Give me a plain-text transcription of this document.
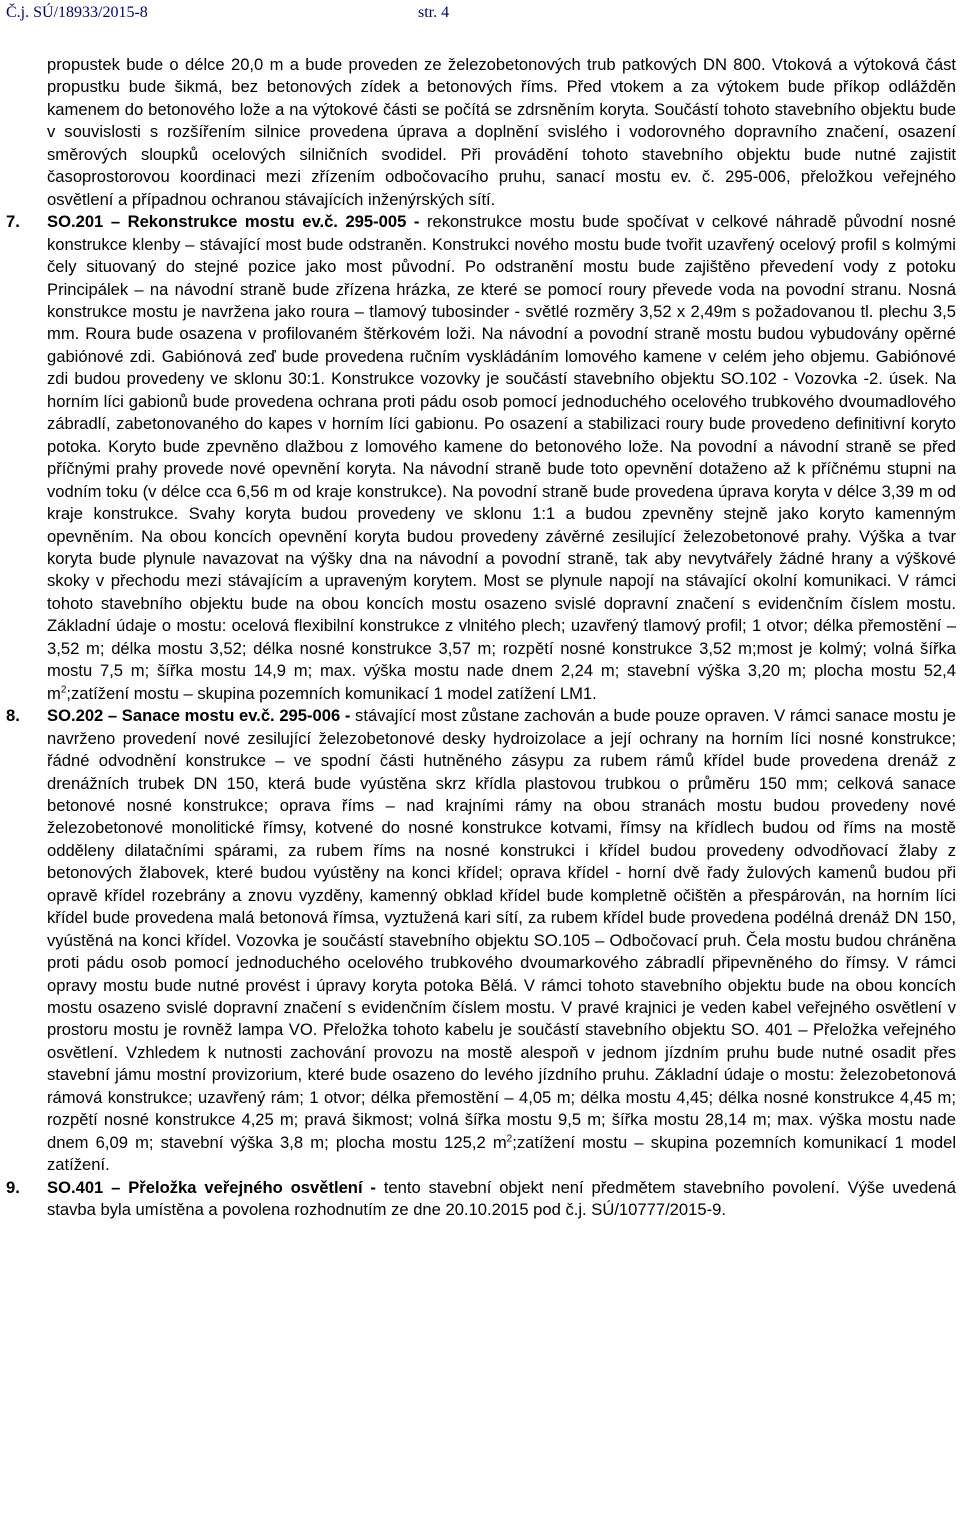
Č.j. SÚ/18933/2015-8	str. 4

propustek bude o délce 20,0 m a bude proveden ze železobetonových trub patkových DN 800. Vtoková a výtoková část propustku bude šikmá, bez betonových zídek a betonových říms. Před vtokem a za výtokem bude příkop odlážděn kamenem do betonového lože a na výtokové části se počítá se zdrsněním koryta. Součástí tohoto stavebního objektu bude v souvislosti s rozšířením silnice provedena úprava a doplnění svislého i vodorovného dopravního značení, osazení směrových sloupků ocelových silničních svodidel. Při provádění tohoto stavebního objektu bude nutné zajistit časoprostorovou koordinaci mezi zřízením odbočovacího pruhu, sanací mostu ev. č. 295-006, přeložkou veřejného osvětlení a případnou ochranou stávajících inženýrských sítí.

7. SO.201 – Rekonstrukce mostu ev.č. 295-005 - rekonstrukce mostu bude spočívat v celkové náhradě původní nosné konstrukce klenby – stávající most bude odstraněn. Konstrukci nového mostu bude tvořit uzavřený ocelový profil s kolmými čely situovaný do stejné pozice jako most původní. Po odstranění mostu bude zajištěno převedení vody z potoku Principálek – na návodní straně bude zřízena hrázka, ze které se pomocí roury převede voda na povodní stranu. Nosná konstrukce mostu je navržena jako roura – tlamový tubosinder - světlé rozměry 3,52 x 2,49m s požadovanou tl. plechu 3,5 mm. Roura bude osazena v profilovaném štěrkovém loži. Na návodní a povodní straně mostu budou vybudovány opěrné gabiónové zdi. Gabiónová zeď bude provedena ručním vyskládáním lomového kamene v celém jeho objemu. Gabiónové zdi budou provedeny ve sklonu 30:1. Konstrukce vozovky je součástí stavebního objektu SO.102 - Vozovka -2. úsek. Na horním líci gabionů bude provedena ochrana proti pádu osob pomocí jednoduchého ocelového trubkového dvoumadlového zábradlí, zabetonovaného do kapes v horním líci gabionu. Po osazení a stabilizaci roury bude provedeno definitivní koryto potoka. Koryto bude zpevněno dlažbou z lomového kamene do betonového lože. Na povodní a návodní straně se před příčnými prahy provede nové opevnění koryta. Na návodní straně bude toto opevnění dotaženo až k příčnému stupni na vodním toku (v délce cca 6,56 m od kraje konstrukce). Na povodní straně bude provedena úprava koryta v délce 3,39 m od kraje konstrukce. Svahy koryta budou provedeny ve sklonu 1:1 a budou zpevněny stejně jako koryto kamenným opevněním. Na obou koncích opevnění koryta budou provedeny závěrné zesilující železobetonové prahy. Výška a tvar koryta bude plynule navazovat na výšky dna na návodní a povodní straně, tak aby nevytvářely žádné hrany a výškové skoky v přechodu mezi stávajícím a upraveným korytem. Most se plynule napojí na stávající okolní komunikaci. V rámci tohoto stavebního objektu bude na obou koncích mostu osazeno svislé dopravní značení s evidenčním číslem mostu. Základní údaje o mostu: ocelová flexibilní konstrukce z vlnitého plech; uzavřený tlamový profil; 1 otvor; délka přemostění – 3,52 m; délka mostu 3,52; délka nosné konstrukce 3,57 m; rozpětí nosné konstrukce 3,52 m;most je kolmý; volná šířka mostu 7,5 m; šířka mostu 14,9 m; max. výška mostu nade dnem 2,24 m; stavební výška 3,20 m; plocha mostu 52,4 $m^2;zatížení$ mostu – skupina pozemních komunikací 1 model zatížení LM1.

8. SO.202 – Sanace mostu ev.č. 295-006 - stávající most zůstane zachován a bude pouze opraven. V rámci sanace mostu je navrženo provedení nové zesilující železobetonové desky hydroizolace a její ochrany na horním líci nosné konstrukce; řádné odvodnění konstrukce – ve spodní části hutněného zásypu za rubem rámů křídel bude provedena drenáž z drenážních trubek DN 150, která bude vyústěna skrz křídla plastovou trubkou o průměru 150 mm; celková sanace betonové nosné konstrukce; oprava říms – nad krajními rámy na obou stranách mostu budou provedeny nové železobetonové monolitické římsy, kotvené do nosné konstrukce kotvami, římsy na křídlech budou od říms na mostě odděleny dilatačními spárami, za rubem říms na nosné konstrukci i křídel budou provedeny odvodňovací žlaby z betonových žlabovek, které budou vyústěny na konci křídel; oprava křídel - horní dvě řady žulových kamenů budou při opravě křídel rozebrány a znovu vyzděny, kamenný obklad křídel bude kompletně očištěn a přespárován, na horním líci křídel bude provedena malá betonová římsa, vyztužená kari sítí, za rubem křídel bude provedena podélná drenáž DN 150, vyústěná na konci křídel. Vozovka je součástí stavebního objektu SO.105 – Odbočovací pruh. Čela mostu budou chráněna proti pádu osob pomocí jednoduchého ocelového trubkového dvoumarkového zábradlí připevněného do římsy. V rámci opravy mostu bude nutné provést i úpravy koryta potoka Bělá. V rámci tohoto stavebního objektu bude na obou koncích mostu osazeno svislé dopravní značení s evidenčním číslem mostu. V pravé krajnici je veden kabel veřejného osvětlení v prostoru mostu je rovněž lampa VO. Přeložka tohoto kabelu je součástí stavebního objektu SO. 401 – Přeložka veřejného osvětlení. Vzhledem k nutnosti zachování provozu na mostě alespoň v jednom jízdním pruhu bude nutné osadit přes stavební jámu mostní provizorium, které bude osazeno do levého jízdního pruhu. Základní údaje o mostu: železobetonová rámová konstrukce; uzavřený rám; 1 otvor; délka přemostění – 4,05 m; délka mostu 4,45; délka nosné konstrukce 4,45 m; rozpětí nosné konstrukce 4,25 m; pravá šikmost; volná šířka mostu 9,5 m; šířka mostu 28,14 m; max. výška mostu nade dnem 6,09 m; stavební výška 3,8 m; plocha mostu 125,2 $m^2;zatížení$ mostu – skupina pozemních komunikací 1 model zatížení.

9. SO.401 – Přeložka veřejného osvětlení - tento stavební objekt není předmětem stavebního povolení. Výše uvedená stavba byla umístěna a povolena rozhodnutím ze dne 20.10.2015 pod č.j. SÚ/10777/2015-9.
